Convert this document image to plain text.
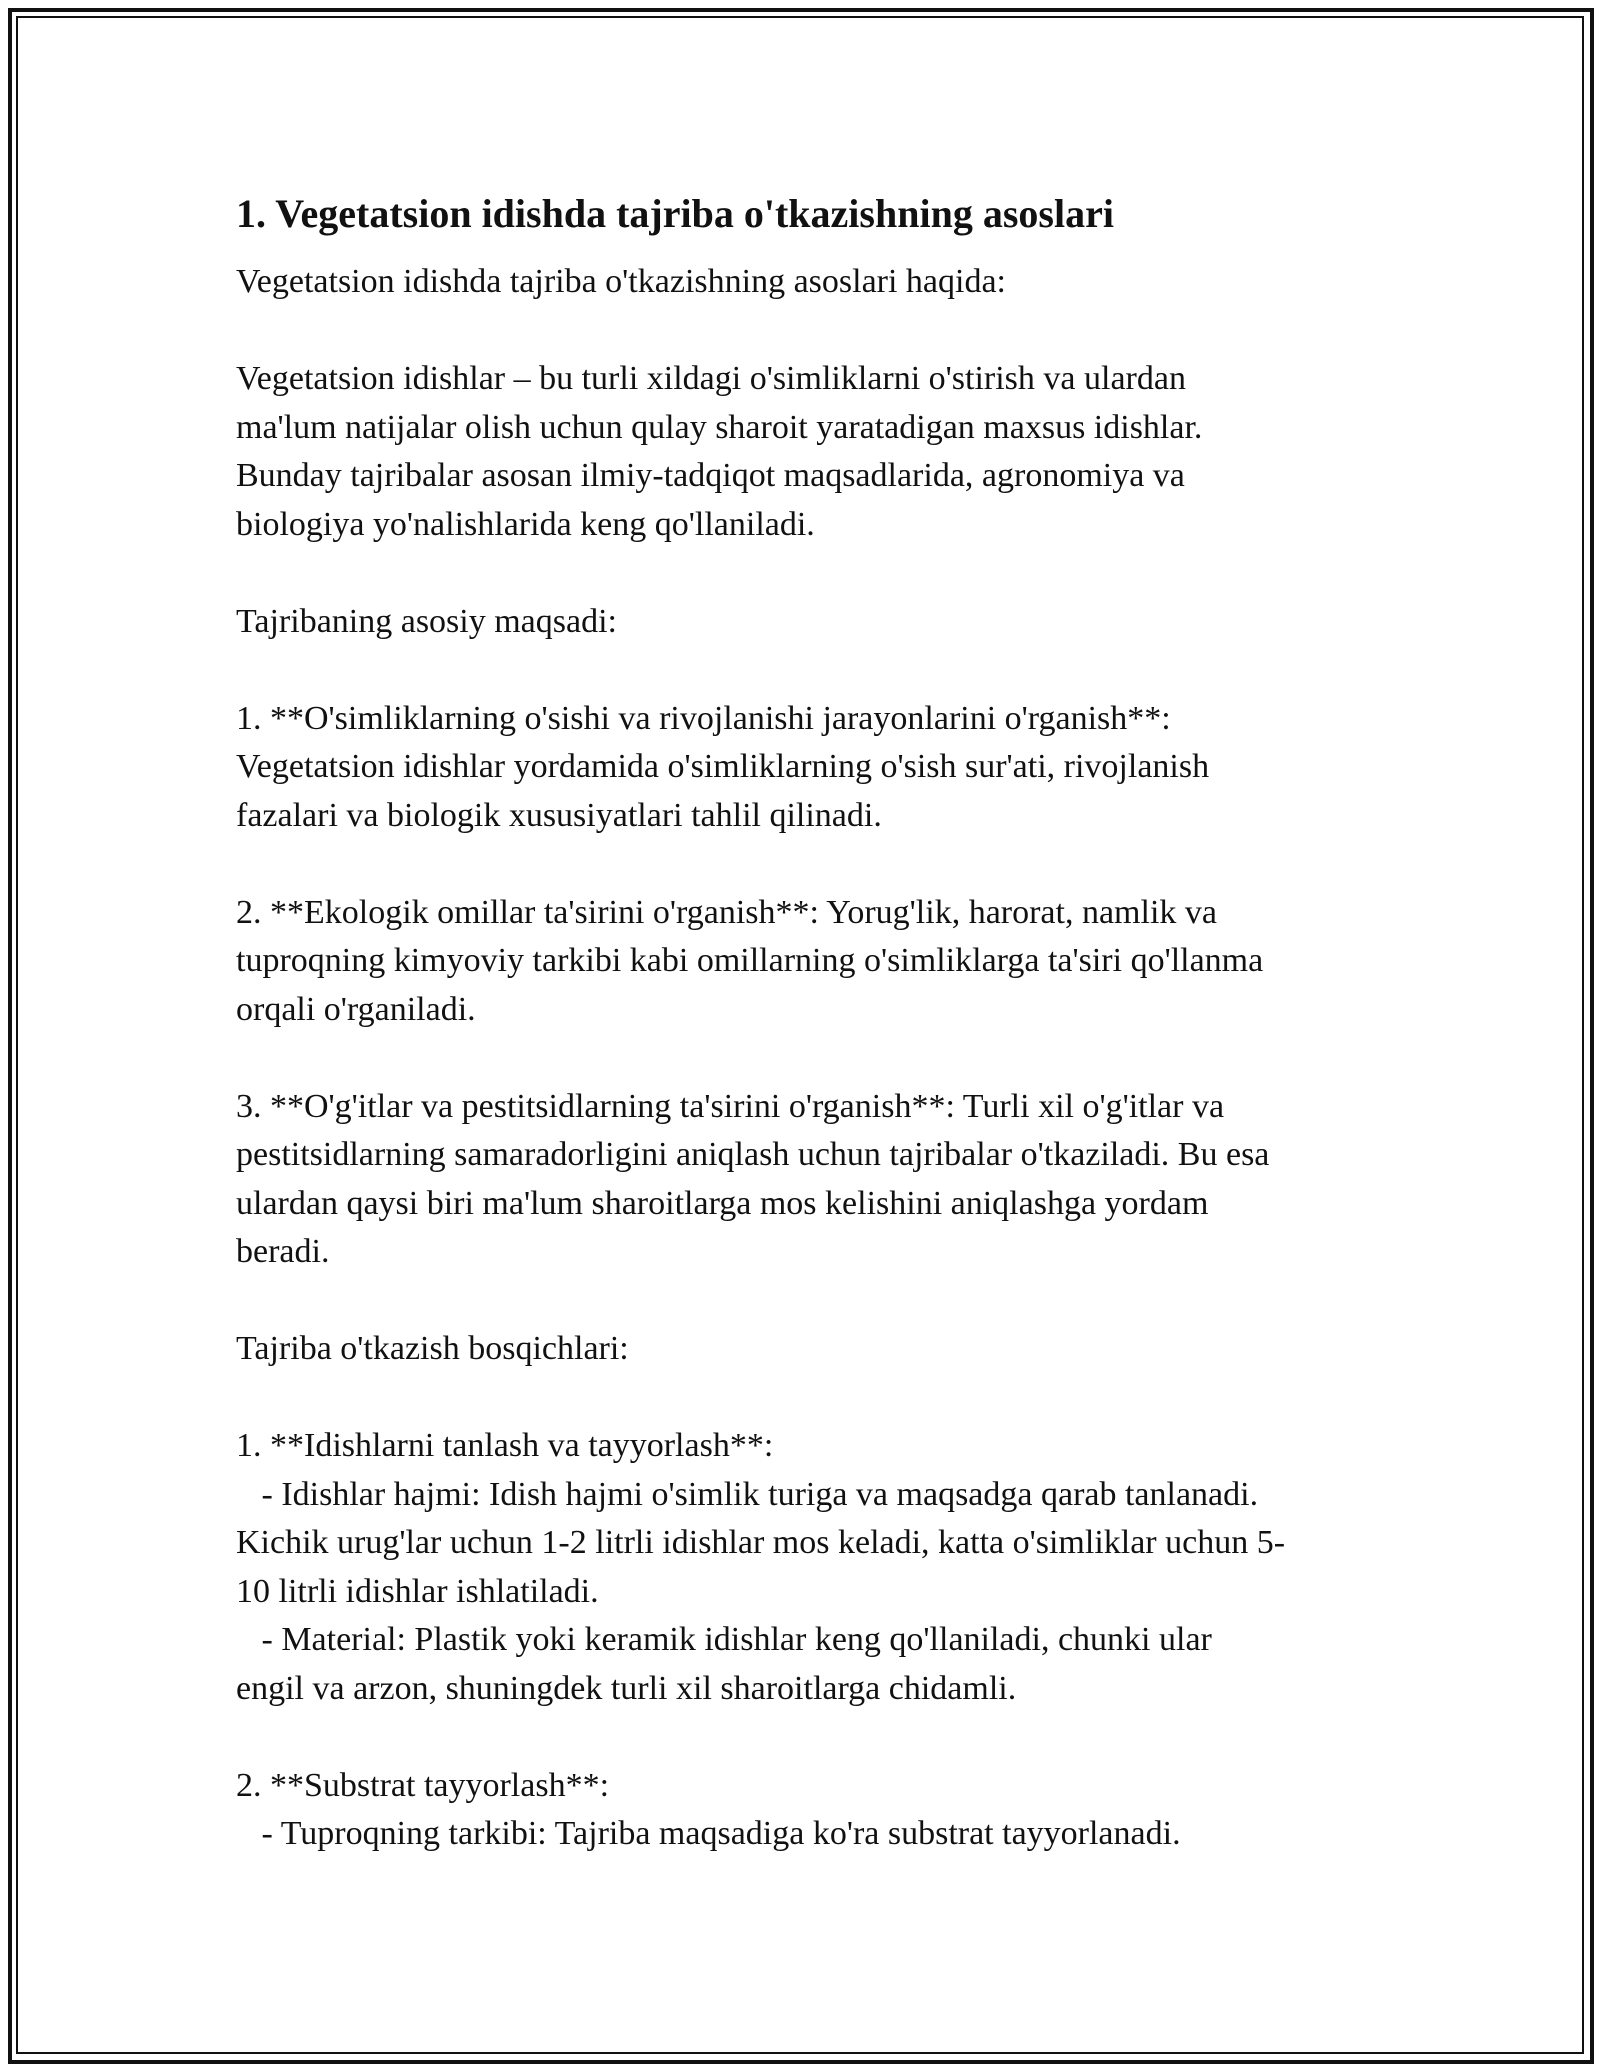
1. Vegetatsion idishda tajriba o'tkazishning asoslari
Vegetatsion idishda tajriba o'tkazishning asoslari haqida:
Vegetatsion idishlar – bu turli xildagi o'simliklarni o'stirish va ulardan
ma'lum natijalar olish uchun qulay sharoit yaratadigan maxsus idishlar.
Bunday tajribalar asosan ilmiy-tadqiqot maqsadlarida, agronomiya va
biologiya yo'nalishlarida keng qo'llaniladi.
Tajribaning asosiy maqsadi:
1. **O'simliklarning o'sishi va rivojlanishi jarayonlarini o'rganish**:
Vegetatsion idishlar yordamida o'simliklarning o'sish sur'ati, rivojlanish
fazalari va biologik xususiyatlari tahlil qilinadi.
2. **Ekologik omillar ta'sirini o'rganish**: Yorug'lik, harorat, namlik va
tuproqning kimyoviy tarkibi kabi omillarning o'simliklarga ta'siri qo'llanma
orqali o'rganiladi.
3. **O'g'itlar va pestitsidlarning ta'sirini o'rganish**: Turli xil o'g'itlar va
pestitsidlarning samaradorligini aniqlash uchun tajribalar o'tkaziladi. Bu esa
ulardan qaysi biri ma'lum sharoitlarga mos kelishini aniqlashga yordam
beradi.
Tajriba o'tkazish bosqichlari:
1. **Idishlarni tanlash va tayyorlash**:
- Idishlar hajmi: Idish hajmi o'simlik turiga va maqsadga qarab tanlanadi.
Kichik urug'lar uchun 1-2 litrli idishlar mos keladi, katta o'simliklar uchun 5-
10 litrli idishlar ishlatiladi.
- Material: Plastik yoki keramik idishlar keng qo'llaniladi, chunki ular
engil va arzon, shuningdek turli xil sharoitlarga chidamli.
2. **Substrat tayyorlash**:
- Tuproqning tarkibi: Tajriba maqsadiga ko'ra substrat tayyorlanadi.
